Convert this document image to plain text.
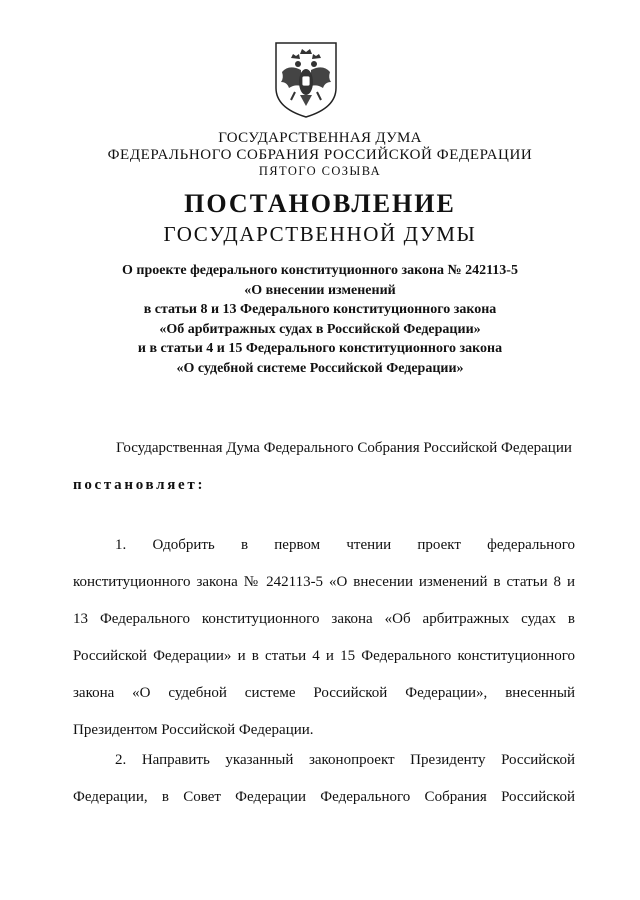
ГОСУДАРСТВЕННАЯ ДУМА
ФЕДЕРАЛЬНОГО СОБРАНИЯ РОССИЙСКОЙ ФЕДЕРАЦИИ
ПЯТОГО СОЗЫВА
ПОСТАНОВЛЕНИЕ
ГОСУДАРСТВЕННОЙ ДУМЫ
О проекте федерального конституционного закона № 242113-5
«О внесении изменений
в статьи 8 и 13 Федерального конституционного закона
«Об арбитражных судах в Российской Федерации»
и в статьи 4 и 15 Федерального конституционного закона
«О судебной системе Российской Федерации»
Государственная Дума Федерального Собрания Российской Федерации
постановляет:
1. Одобрить в первом чтении проект федерального
конституционного закона № 242113-5 «О внесении изменений в статьи 8 и
13 Федерального конституционного закона «Об арбитражных судах в
Российской Федерации» и в статьи 4 и 15 Федерального конституционного
закона «О судебной системе Российской Федерации», внесенный
Президентом Российской Федерации.
2. Направить указанный законопроект Президенту Российской
Федерации, в Совет Федерации Федерального Собрания Российской
